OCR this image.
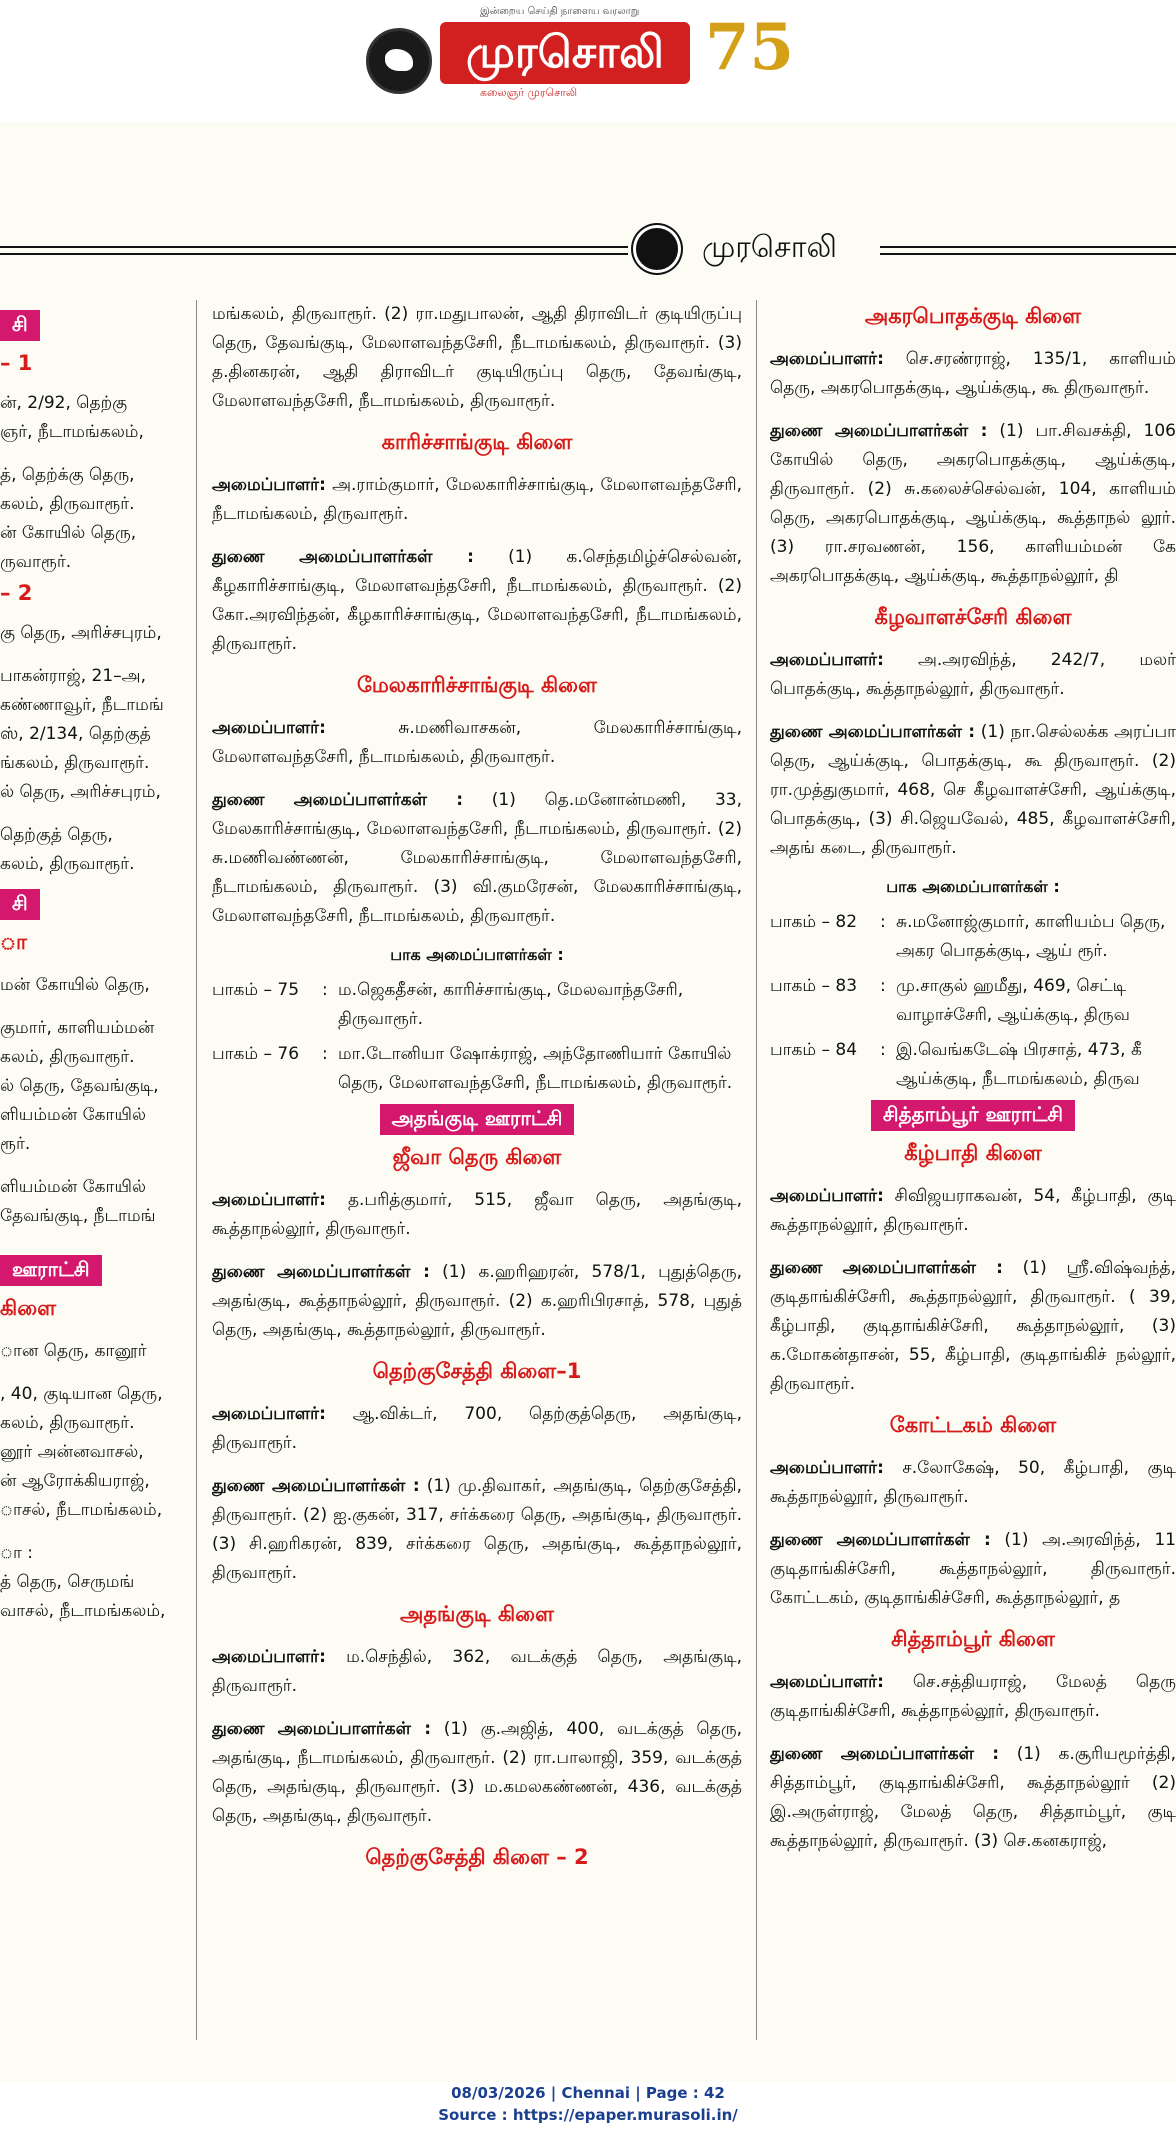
இன்றைய செய்தி நாளைய வரலாறு
முரசொலி
கலைஞர் முரசொலி
75
முரசொலி
சி
– 1
ன், 2/92, தெற்கு
ஞர், நீடாமங்கலம்,
த், தெற்க்கு தெரு,
கலம், திருவாரூர்.
ன் கோயில் தெரு,
ருவாரூர்.
– 2
கு தெரு, அரிச்சபுரம்,
பாகன்ராஜ், 21–அ,
கண்ணாவூர், நீடாமங்
ஸ், 2/134, தெற்குத்
ங்கலம், திருவாரூர்.
ல் தெரு, அரிச்சபுரம்,
தெற்குத் தெரு,
கலம், திருவாரூர்.
சி
ா
மன் கோயில் தெரு,
குமார், காளியம்மன்
கலம், திருவாரூர்.
ல் தெரு, தேவங்குடி,
ளியம்மன் கோயில்
ரூர்.
ளியம்மன் கோயில்
தேவங்குடி, நீடாமங்
ஊராட்சி
கிளை
ான தெரு, கானூர்
, 40, குடியான தெரு,
கலம், திருவாரூர்.
னூர் அன்னவாசல்,
ன் ஆரோக்கியராஜ்,
ாசல், நீடாமங்கலம்,
ா :
த் தெரு, செருமங்
வாசல், நீடாமங்கலம்,

மங்கலம், திருவாரூர். (2) ரா.மதுபாலன், ஆதி திராவிடர் குடியிருப்பு தெரு, தேவங்குடி, மேலாளவந்தசேரி, நீடாமங்கலம், திருவாரூர். (3) த.தினகரன், ஆதி திராவிடர் குடியிருப்பு தெரு, தேவங்குடி, மேலாளவந்தசேரி, நீடாமங்கலம், திருவாரூர்.

காரிச்சாங்குடி கிளை

அமைப்பாளர்: அ.ராம்குமார், மேலகாரிச்சாங்குடி, மேலாளவந்தசேரி, நீடாமங்கலம், திருவாரூர்.

துணை அமைப்பாளர்கள் : (1) க.செந்தமிழ்ச்செல்வன், கீழகாரிச்சாங்குடி, மேலாளவந்தசேரி, நீடாமங்கலம், திருவாரூர். (2) கோ.அரவிந்தன், கீழகாரிச்சாங்குடி, மேலாளவந்தசேரி, நீடாமங்கலம், திருவாரூர்.

மேலகாரிச்சாங்குடி கிளை

அமைப்பாளர்: சு.மணிவாசகன், மேலகாரிச்சாங்குடி, மேலாளவந்தசேரி, நீடாமங்கலம், திருவாரூர்.

துணை அமைப்பாளர்கள் : (1) தெ.மனோன்மணி, 33, மேலகாரிச்சாங்குடி, மேலாளவந்தசேரி, நீடாமங்கலம், திருவாரூர். (2) சு.மணிவண்ணன், மேலகாரிச்சாங்குடி, மேலாளவந்தசேரி, நீடாமங்கலம், திருவாரூர். (3) வி.குமரேசன், மேலகாரிச்சாங்குடி, மேலாளவந்தசேரி, நீடாமங்கலம், திருவாரூர்.

பாக அமைப்பாளர்கள் :
பாகம் – 75	: ம.ஜெகதீசன், காரிச்சாங்குடி, மேலவாந்தசேரி, திருவாரூர்.
பாகம் – 76	: மா.டோனியா ஷோக்ராஜ், அந்தோணியார் கோயில் தெரு, மேலாளவந்தசேரி, நீடாமங்கலம், திருவாரூர்.
அதங்குடி ஊராட்சி
ஜீவா தெரு கிளை

அமைப்பாளர்: த.பரித்குமார், 515, ஜீவா தெரு, அதங்குடி, கூத்தாநல்லூர், திருவாரூர்.

துணை அமைப்பாளர்கள் : (1) க.ஹரிஹரன், 578/1, புதுத்தெரு, அதங்குடி, கூத்தாநல்லூர், திருவாரூர். (2) க.ஹரிபிரசாத், 578, புதுத் தெரு, அதங்குடி, கூத்தாநல்லூர், திருவாரூர்.

தெற்குசேத்தி கிளை–1

அமைப்பாளர்: ஆ.விக்டர், 700, தெற்குத்தெரு, அதங்குடி, திருவாரூர்.

துணை அமைப்பாளர்கள் : (1) மு.திவாகர், அதங்குடி, தெற்குசேத்தி, திருவாரூர். (2) ஐ.குகன், 317, சர்க்கரை தெரு, அதங்குடி, திருவாரூர். (3) சி.ஹரிகரன், 839, சர்க்கரை தெரு, அதங்குடி, கூத்தாநல்லூர், திருவாரூர்.

அதங்குடி கிளை

அமைப்பாளர்: ம.செந்தில், 362, வடக்குத் தெரு, அதங்குடி, திருவாரூர்.

துணை அமைப்பாளர்கள் : (1) கு.அஜித், 400, வடக்குத் தெரு, அதங்குடி, நீடாமங்கலம், திருவாரூர். (2) ரா.பாலாஜி, 359, வடக்குத் தெரு, அதங்குடி, திருவாரூர். (3) ம.கமலகண்ணன், 436, வடக்குத் தெரு, அதங்குடி, திருவாரூர்.

தெற்குசேத்தி கிளை – 2
அகரபொதக்குடி கிளை

அமைப்பாளர்: செ.சரண்ராஜ், 135/1, காளியம் தெரு, அகரபொதக்குடி, ஆய்க்குடி, கூ திருவாரூர்.

துணை அமைப்பாளர்கள் : (1) பா.சிவசக்தி, 106 கோயில் தெரு, அகரபொதக்குடி, ஆய்க்குடி, திருவாரூர். (2) சு.கலைச்செல்வன், 104, காளியம் தெரு, அகரபொதக்குடி, ஆய்க்குடி, கூத்தாநல் லூர். (3) ரா.சரவணன், 156, காளியம்மன் கே அகரபொதக்குடி, ஆய்க்குடி, கூத்தாநல்லூர், தி

கீழவாளச்சேரி கிளை

அமைப்பாளர்: அ.அரவிந்த், 242/7, மலர் பொதக்குடி, கூத்தாநல்லூர், திருவாரூர்.

துணை அமைப்பாளர்கள் : (1) நா.செல்லக்க அரப்பா தெரு, ஆய்க்குடி, பொதக்குடி, கூ திருவாரூர். (2) ரா.முத்துகுமார், 468, செ கீழவாளச்சேரி, ஆய்க்குடி, பொதக்குடி, (3) சி.ஜெயவேல், 485, கீழவாளச்சேரி, அதங் கடை, திருவாரூர்.

பாக அமைப்பாளர்கள் :
பாகம் – 82	: சு.மனோஜ்குமார், காளியம்ப தெரு, அகர பொதக்குடி, ஆய் ரூர்.
பாகம் – 83	: மு.சாகுல் ஹமீது, 469, செட்டி வாழாச்சேரி, ஆய்க்குடி, திருவ
பாகம் – 84	: இ.வெங்கடேஷ் பிரசாத், 473, கீ ஆய்க்குடி, நீடாமங்கலம், திருவ
சித்தாம்பூர் ஊராட்சி
கீழ்பாதி கிளை

அமைப்பாளர்: சிவிஜயராகவன், 54, கீழ்பாதி, குடி கூத்தாநல்லூர், திருவாரூர்.

துணை அமைப்பாளர்கள் : (1) ஸ்ரீ.விஷ்வந்த், குடிதாங்கிச்சேரி, கூத்தாநல்லூர், திருவாரூர். ( 39, கீழ்பாதி, குடிதாங்கிச்சேரி, கூத்தாநல்லூர், (3) க.மோகன்தாசன், 55, கீழ்பாதி, குடிதாங்கிச் நல்லூர், திருவாரூர்.

கோட்டகம் கிளை

அமைப்பாளர்: ச.லோகேஷ், 50, கீழ்பாதி, குடி கூத்தாநல்லூர், திருவாரூர்.

துணை அமைப்பாளர்கள் : (1) அ.அரவிந்த், 11 குடிதாங்கிச்சேரி, கூத்தாநல்லூர், திருவாரூர். கோட்டகம், குடிதாங்கிச்சேரி, கூத்தாநல்லூர், த

சித்தாம்பூர் கிளை

அமைப்பாளர்: செ.சத்தியராஜ், மேலத் தெரு குடிதாங்கிச்சேரி, கூத்தாநல்லூர், திருவாரூர்.

துணை அமைப்பாளர்கள் : (1) க.சூரியமூர்த்தி, சித்தாம்பூர், குடிதாங்கிச்சேரி, கூத்தாநல்லூர் (2) இ.அருள்ராஜ், மேலத் தெரு, சித்தாம்பூர், குடி கூத்தாநல்லூர், திருவாரூர். (3) செ.கனகராஜ்,

08/03/2026 | Chennai | Page : 42
Source : https://epaper.murasoli.in/
